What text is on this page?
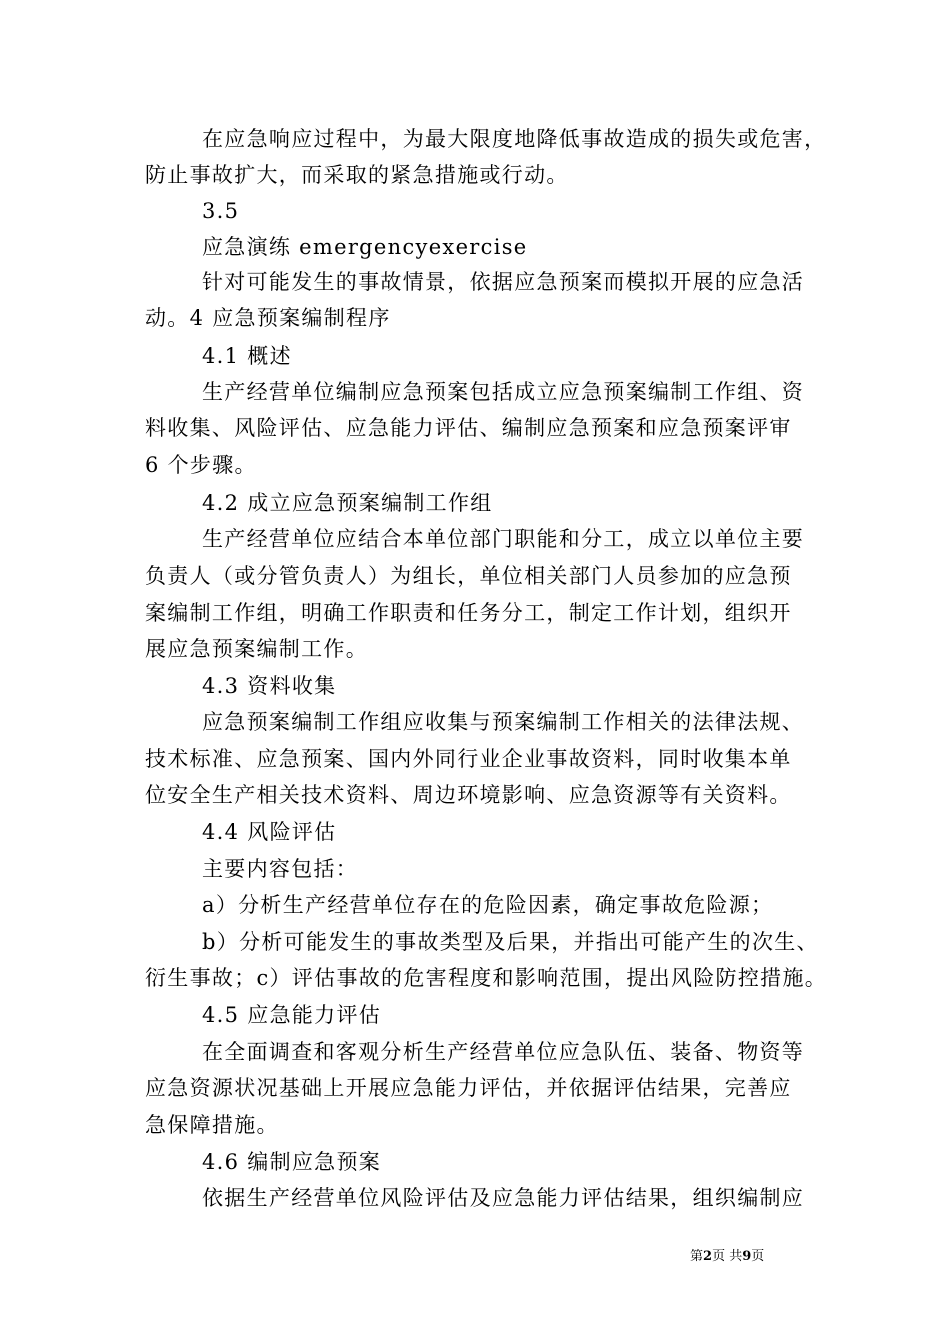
在应急响应过程中，为最大限度地降低事故造成的损失或危害，
防止事故扩大，而采取的紧急措施或行动。
3.5
应急演练 emergencyexercise
针对可能发生的事故情景，依据应急预案而模拟开展的应急活
动。4 应急预案编制程序
4.1 概述
生产经营单位编制应急预案包括成立应急预案编制工作组、资
料收集、风险评估、应急能力评估、编制应急预案和应急预案评审
6 个步骤。
4.2 成立应急预案编制工作组
生产经营单位应结合本单位部门职能和分工，成立以单位主要
负责人（或分管负责人）为组长，单位相关部门人员参加的应急预
案编制工作组，明确工作职责和任务分工，制定工作计划，组织开
展应急预案编制工作。
4.3 资料收集
应急预案编制工作组应收集与预案编制工作相关的法律法规、
技术标准、应急预案、国内外同行业企业事故资料，同时收集本单
位安全生产相关技术资料、周边环境影响、应急资源等有关资料。
4.4 风险评估
主要内容包括：
a）分析生产经营单位存在的危险因素，确定事故危险源；
b）分析可能发生的事故类型及后果，并指出可能产生的次生、
衍生事故；c）评估事故的危害程度和影响范围，提出风险防控措施。
4.5 应急能力评估
在全面调查和客观分析生产经营单位应急队伍、装备、物资等
应急资源状况基础上开展应急能力评估，并依据评估结果，完善应
急保障措施。
4.6 编制应急预案
依据生产经营单位风险评估及应急能力评估结果，组织编制应
第2页 共9页
